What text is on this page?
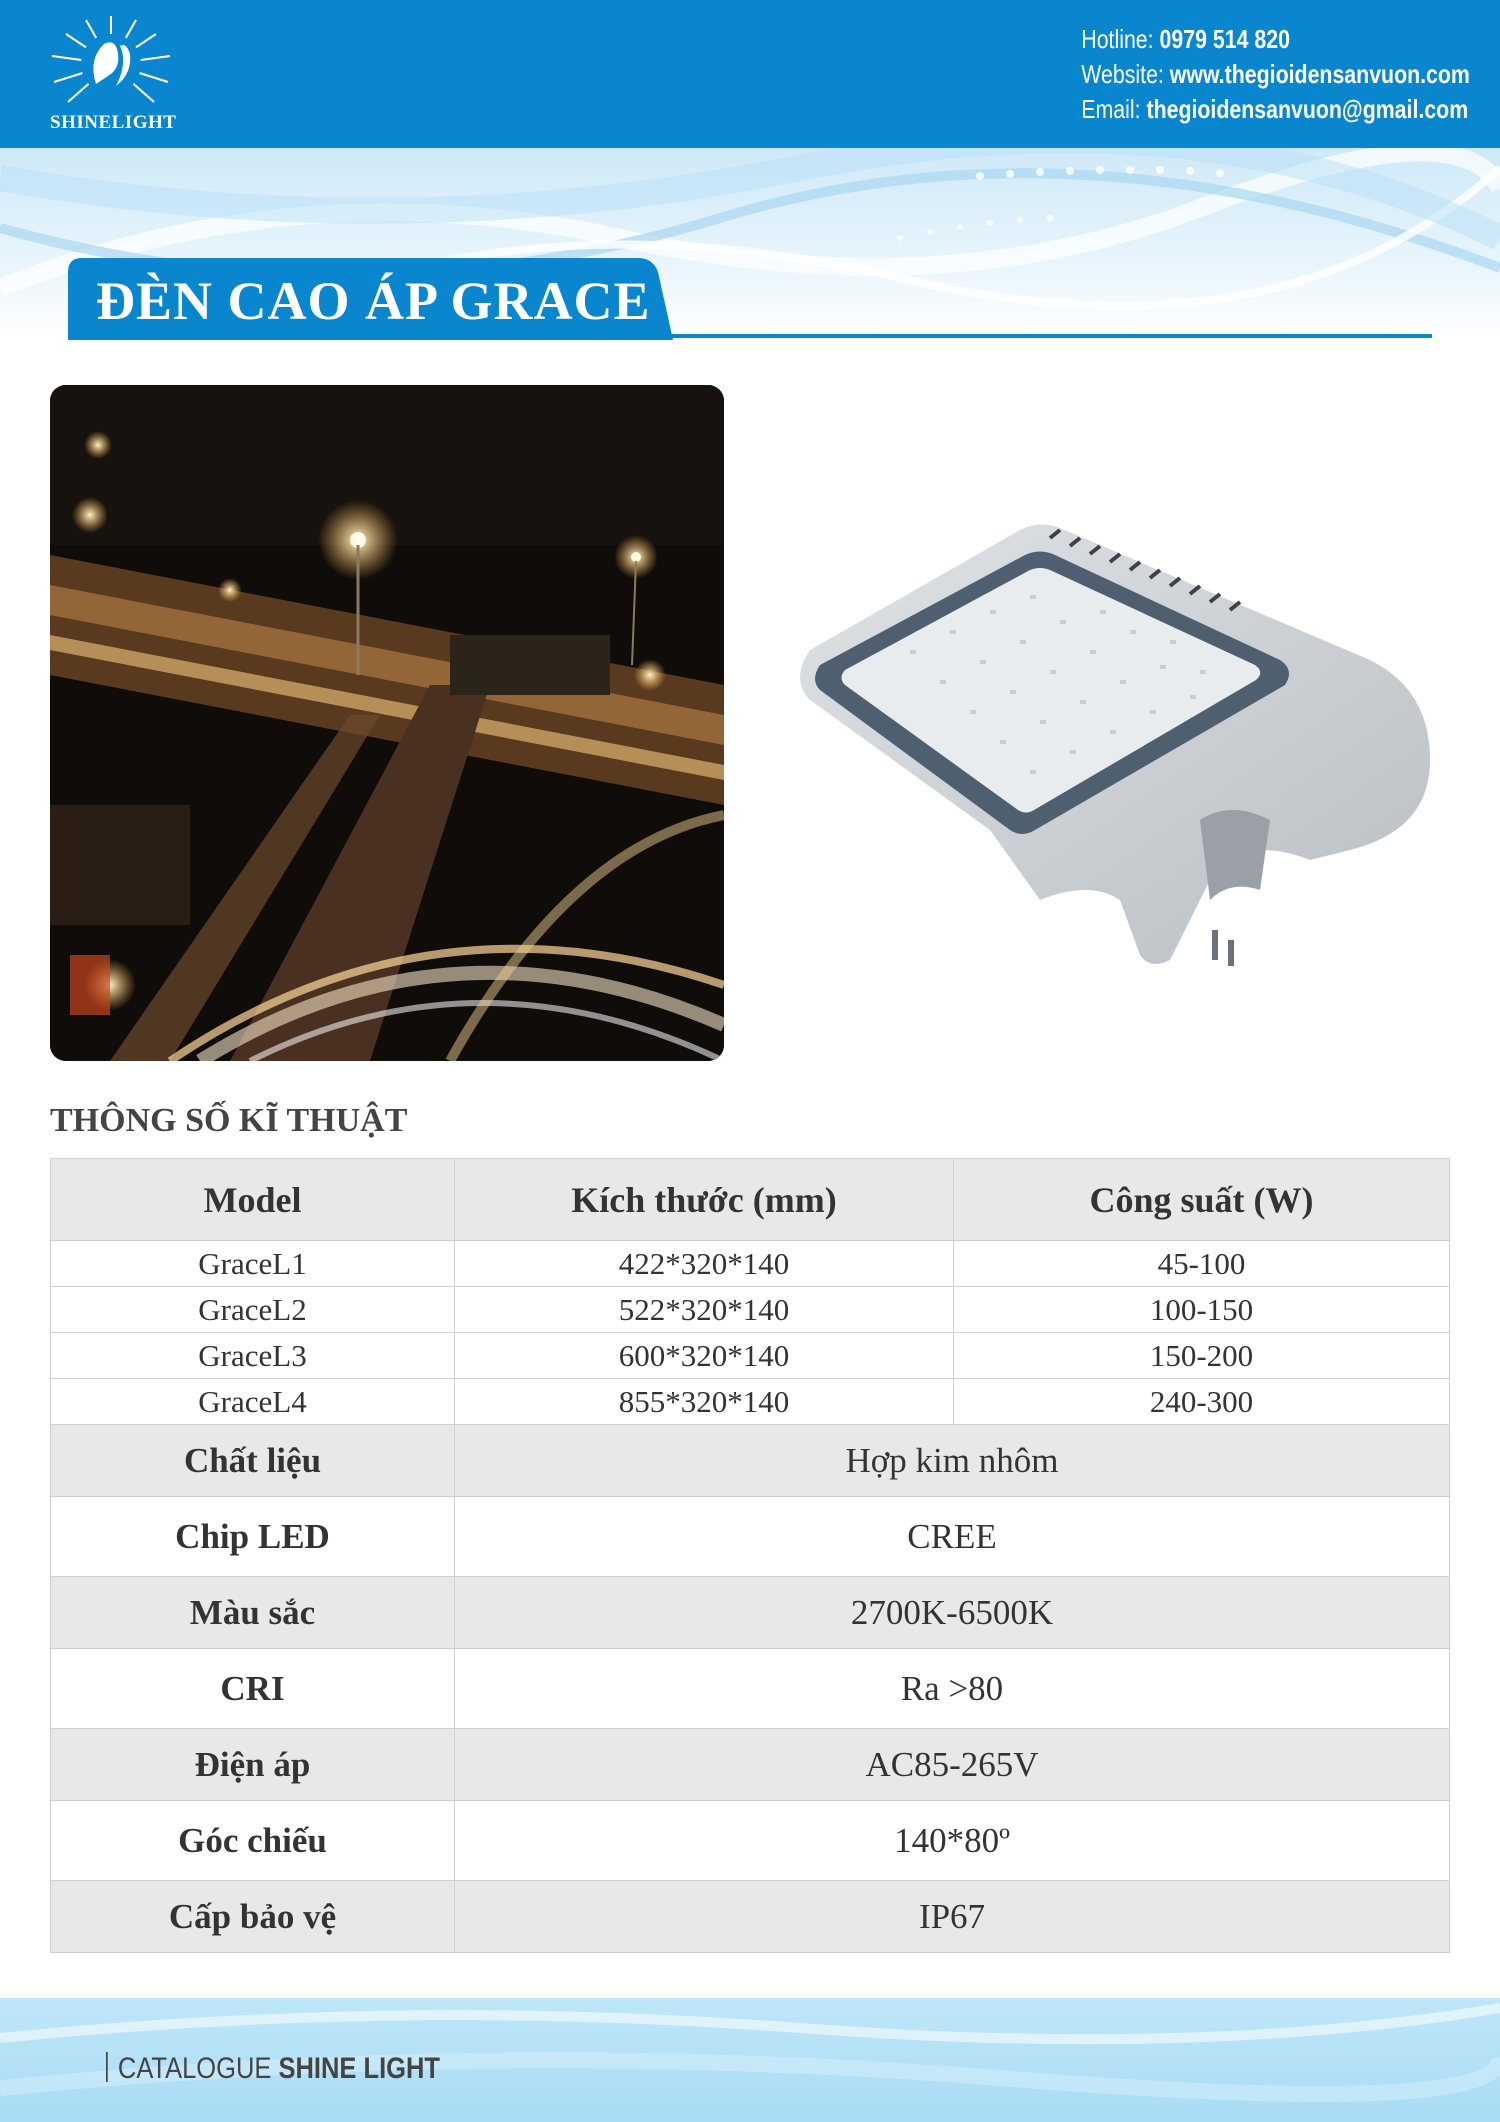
SHINELIGHT
Hotline: 0979 514 820
Website: www.thegioidensanvuon.com
Email: thegioidensanvuon@gmail.com
ĐÈN CAO ÁP GRACE
THÔNG SỐ KĨ THUẬT
Model	Kích thước (mm)	Công suất (W)
GraceL1	422*320*140	45-100
GraceL2	522*320*140	100-150
GraceL3	600*320*140	150-200
GraceL4	855*320*140	240-300
Chất liệu	Hợp kim nhôm	
Chip LED	CREE	
Màu sắc	2700K-6500K	
CRI	Ra >80	
Điện áp	AC85-265V	
Góc chiếu	140*80º	
Cấp bảo vệ	IP67	
CATALOGUE SHINE LIGHT
